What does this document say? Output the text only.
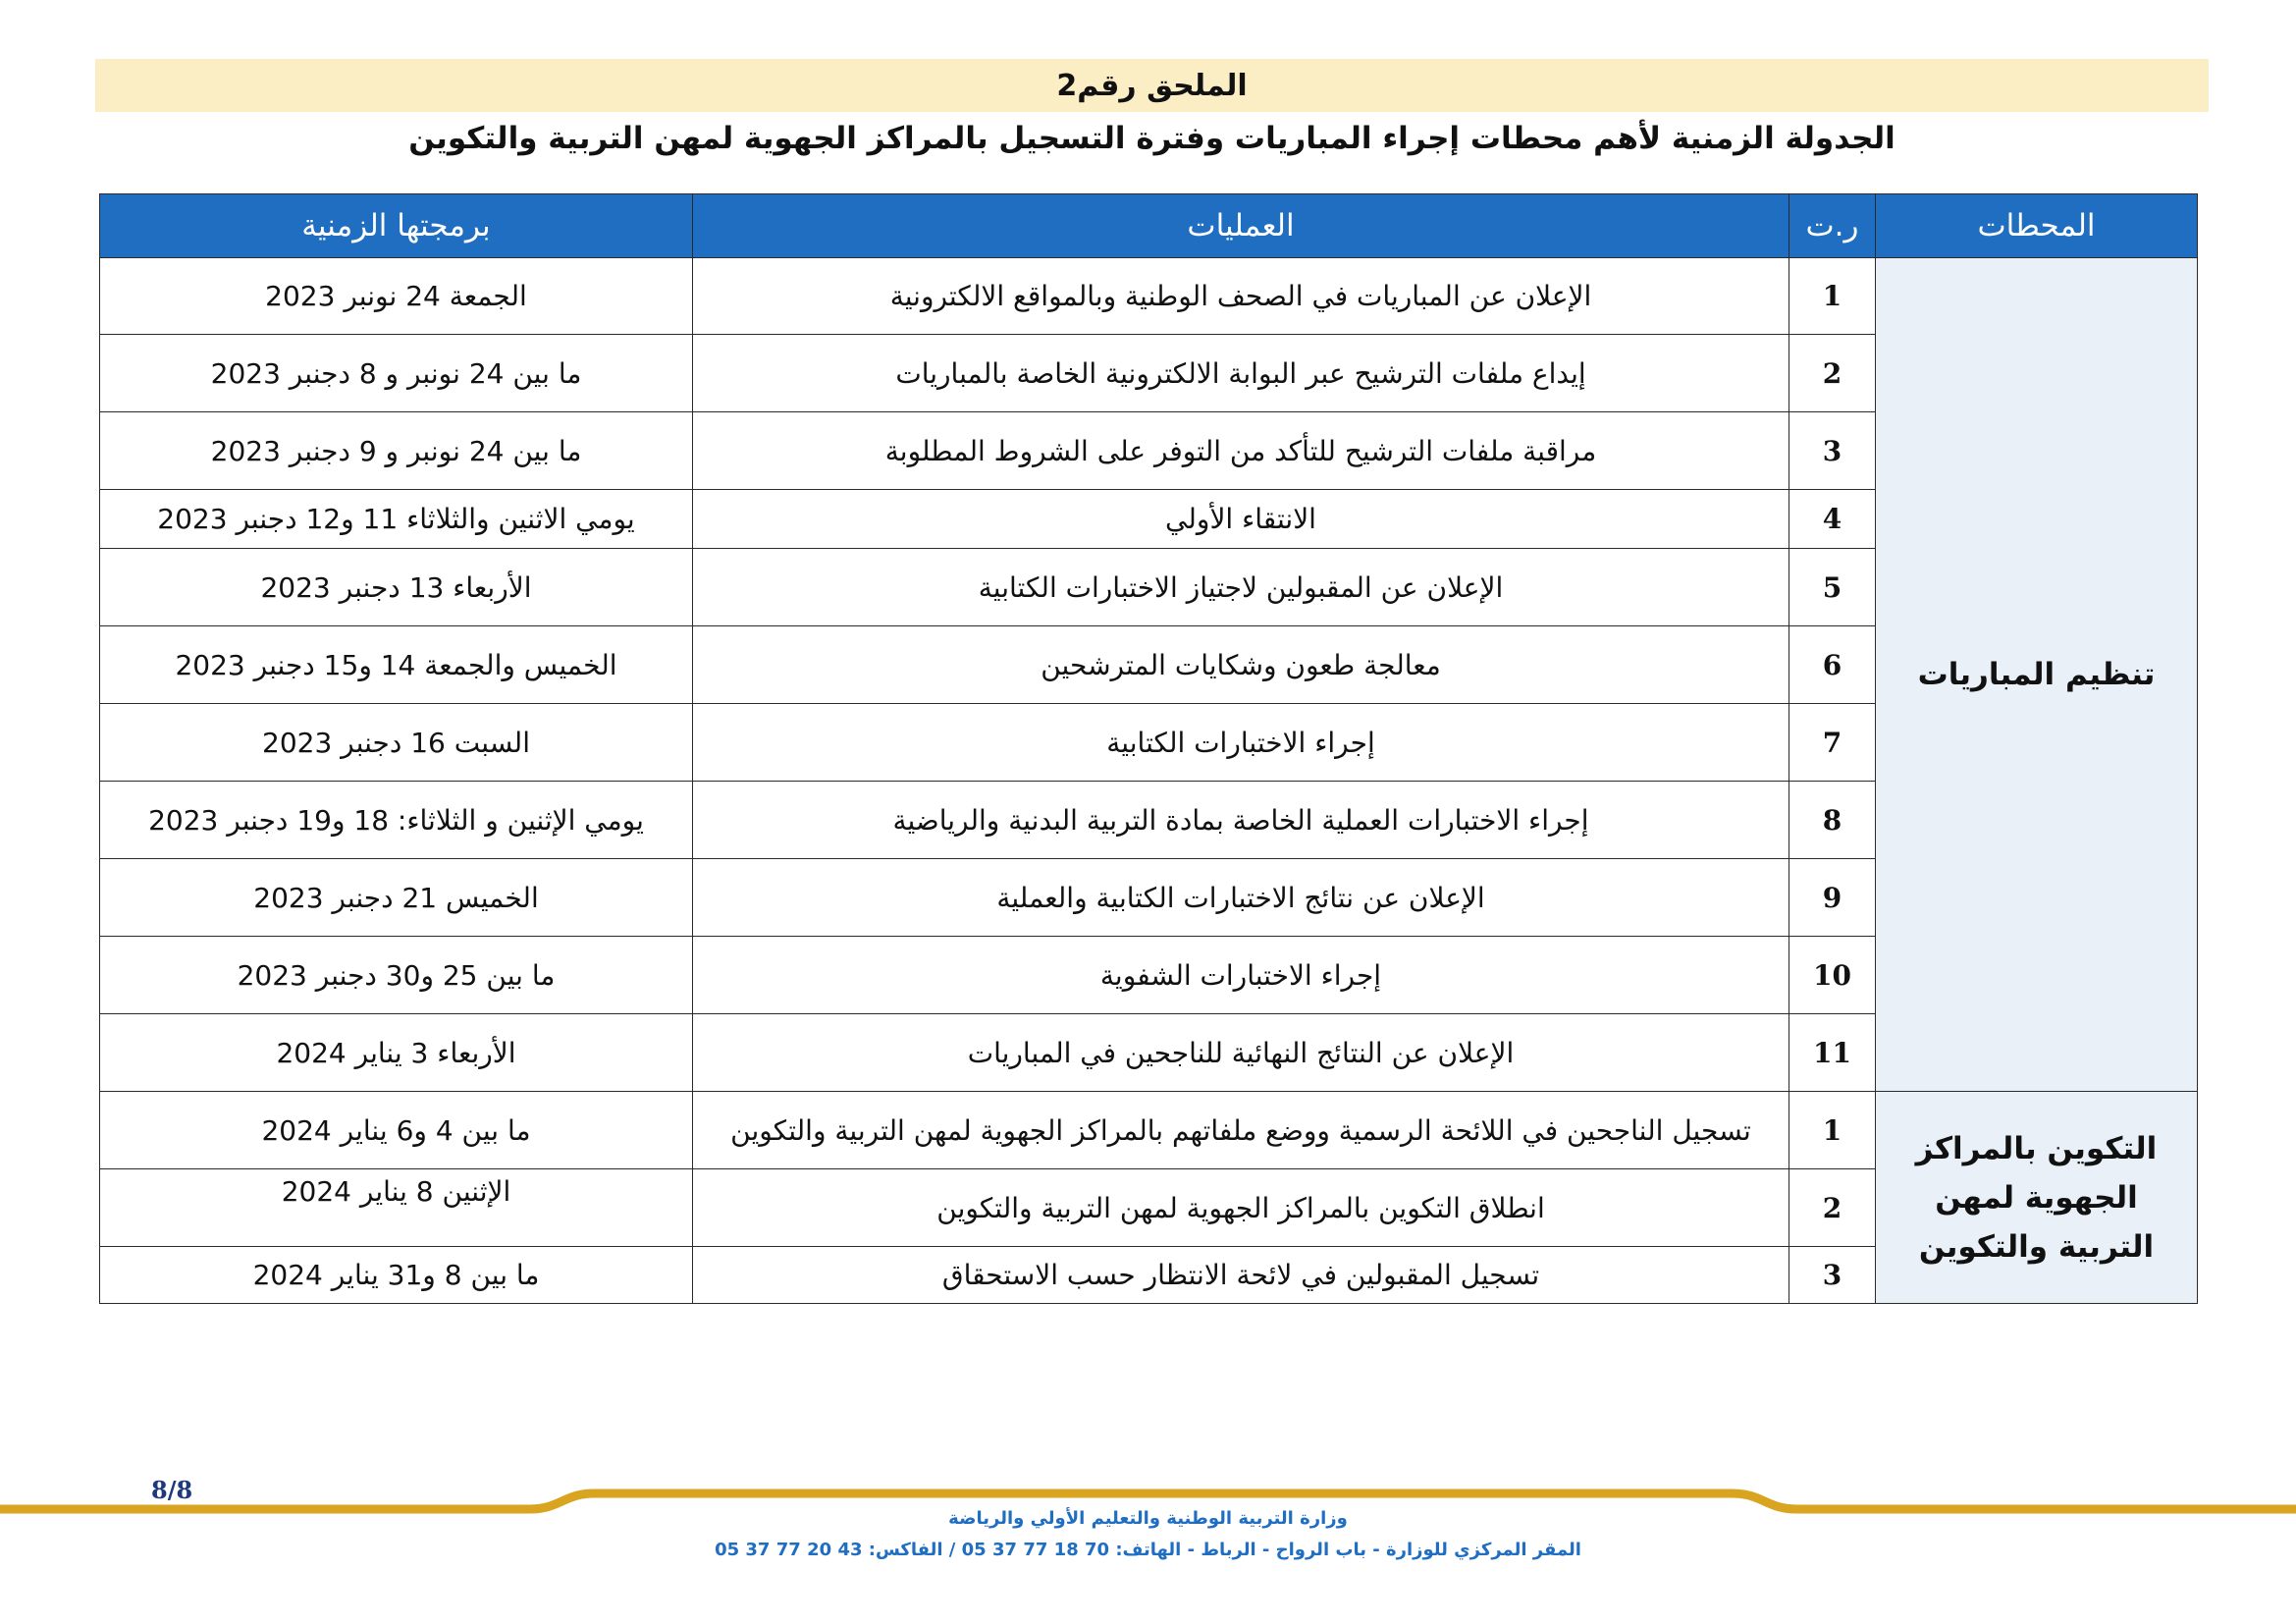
الملحق رقم2
الجدولة الزمنية لأهم محطات إجراء المباريات وفترة التسجيل بالمراكز الجهوية لمهن التربية والتكوين
المحطات	ر.ت	العمليات	برمجتها الزمنية
تنظيم المباريات	1	الإعلان عن المباريات في الصحف الوطنية وبالمواقع الالكترونية	الجمعة 24 نونبر 2023
	2	إيداع ملفات الترشيح عبر البوابة الالكترونية الخاصة بالمباريات	ما بين 24 نونبر و 8 دجنبر 2023
	3	مراقبة ملفات الترشيح للتأكد من التوفر على الشروط المطلوبة	ما بين 24 نونبر و 9 دجنبر 2023
	4	الانتقاء الأولي	يومي الاثنين والثلاثاء 11 و12 دجنبر 2023
	5	الإعلان عن المقبولين لاجتياز الاختبارات الكتابية	الأربعاء 13 دجنبر 2023
	6	معالجة طعون وشكايات المترشحين	الخميس والجمعة 14 و15 دجنبر 2023
	7	إجراء الاختبارات الكتابية	السبت 16 دجنبر 2023
	8	إجراء الاختبارات العملية الخاصة بمادة التربية البدنية والرياضية	يومي الإثنين و الثلاثاء: 18 و19 دجنبر 2023
	9	الإعلان عن نتائج الاختبارات الكتابية والعملية	الخميس 21 دجنبر 2023
	10	إجراء الاختبارات الشفوية	ما بين 25 و30 دجنبر 2023
	11	الإعلان عن النتائج النهائية للناجحين في المباريات	الأربعاء 3 يناير 2024
التكوين بالمراكز الجهوية لمهن التربية والتكوين	1	تسجيل الناجحين في اللائحة الرسمية ووضع ملفاتهم بالمراكز الجهوية لمهن التربية والتكوين	ما بين 4 و6 يناير 2024
	2	انطلاق التكوين بالمراكز الجهوية لمهن التربية والتكوين	الإثنين 8 يناير 2024
	3	تسجيل المقبولين في لائحة الانتظار حسب الاستحقاق	ما بين 8 و31 يناير 2024
8/8
وزارة التربية الوطنية والتعليم الأولي والرياضة
المقر المركزي للوزارة - باب الرواح - الرباط - الهاتف: 70 18 77 37 05 / الفاكس: 43 20 77 37 05
